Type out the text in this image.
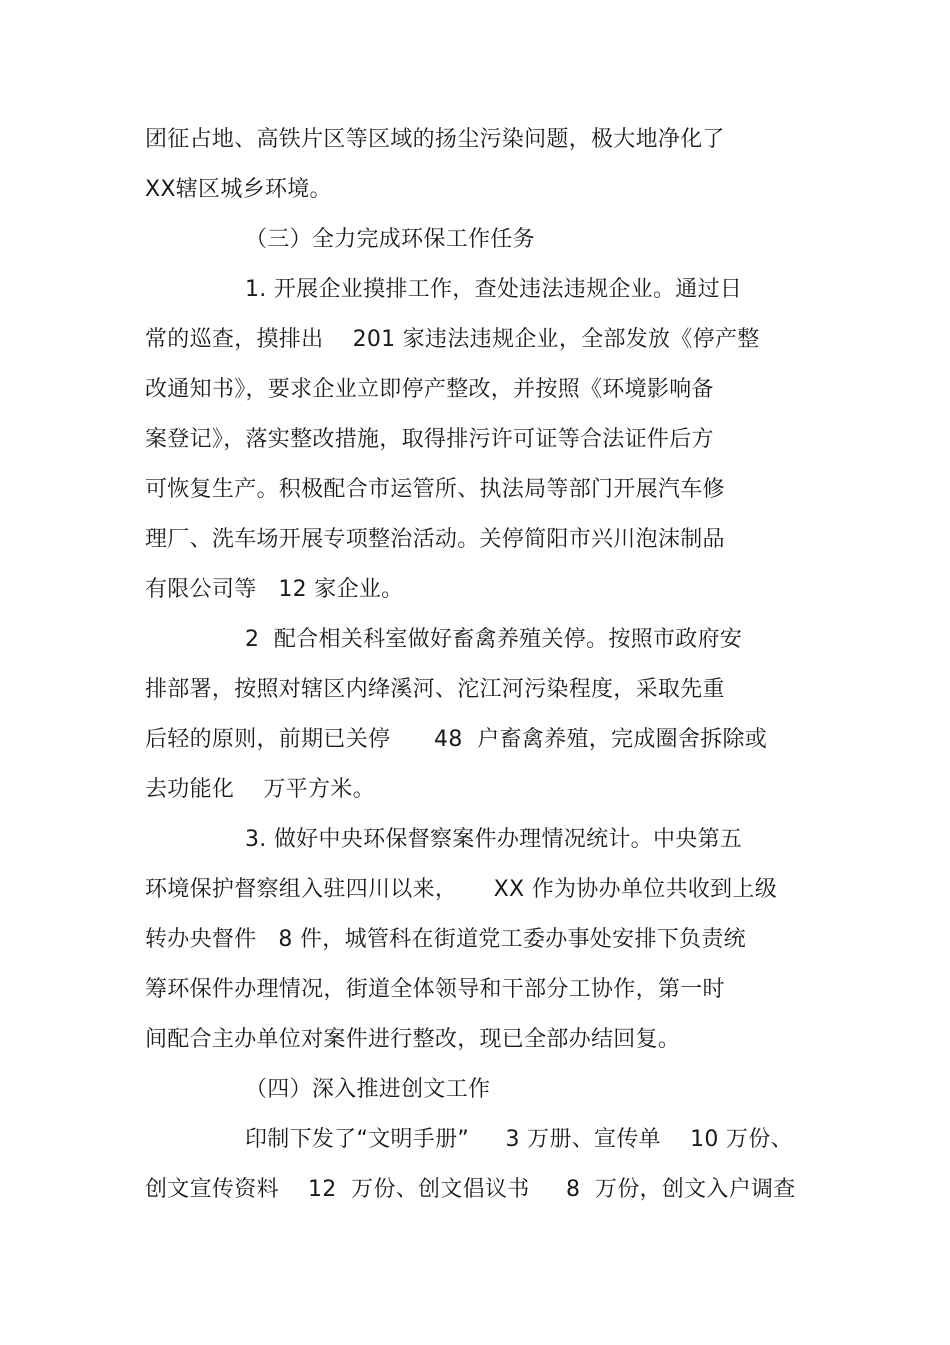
团征占地、高铁片区等区域的扬尘污染问题，极大地净化了
XX辖区城乡环境。
（三）全力完成环保工作任务
1. 开展企业摸排工作，查处违法违规企业。通过日
常的巡查，摸排出    201 家违法违规企业，全部发放《停产整
改通知书》，要求企业立即停产整改，并按照《环境影响备
案登记》，落实整改措施，取得排污许可证等合法证件后方
可恢复生产。积极配合市运管所、执法局等部门开展汽车修
理厂、洗车场开展专项整治活动。关停简阳市兴川泡沫制品
有限公司等   12 家企业。
2  配合相关科室做好畜禽养殖关停。按照市政府安
排部署，按照对辖区内绛溪河、沱江河污染程度，采取先重
后轻的原则，前期已关停      48  户畜禽养殖，完成圈舍拆除或
去功能化    万平方米。
3. 做好中央环保督察案件办理情况统计。中央第五
环境保护督察组入驻四川以来，     XX 作为协办单位共收到上级
转办央督件   8 件，城管科在街道党工委办事处安排下负责统
筹环保件办理情况，街道全体领导和干部分工协作，第一时
间配合主办单位对案件进行整改，现已全部办结回复。
（四）深入推进创文工作
印制下发了“文明手册”     3 万册、宣传单    10 万份、
创文宣传资料    12  万份、创文倡议书     8  万份，创文入户调查
